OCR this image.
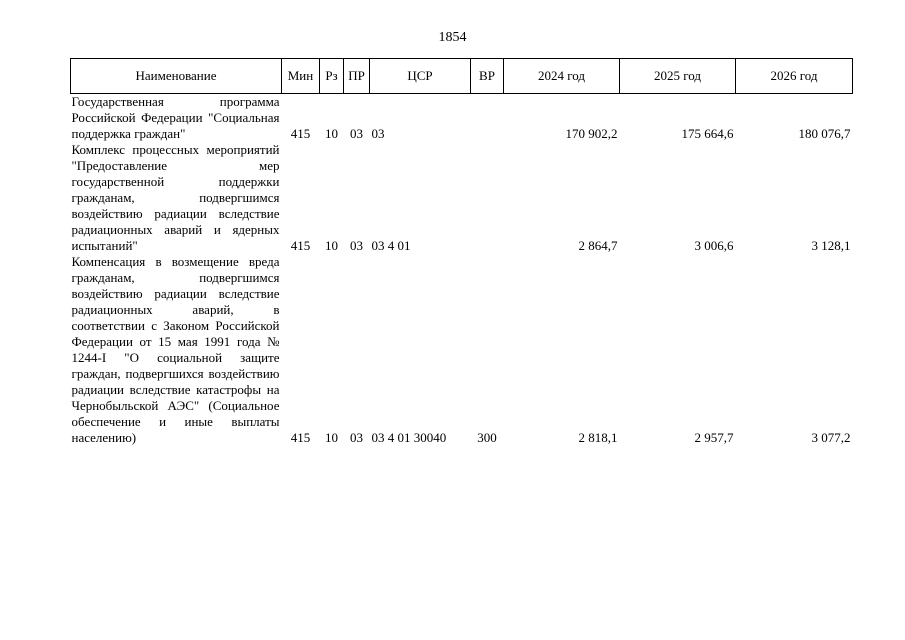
1854
Наименование	Мин	Рз	ПР	ЦСР	ВР	2024 год	2025 год	2026 год
Государственная программа Российской Федерации "Социальная поддержка граждан"	415	10	03	03		170 902,2	175 664,6	180 076,7
Комплекс процессных мероприятий "Предоставление мер государственной поддержки гражданам, подвергшимся воздействию радиации вследствие радиационных аварий и ядерных испытаний"	415	10	03	03 4 01		2 864,7	3 006,6	3 128,1
Компенсация в возмещение вреда гражданам, подвергшимся воздействию радиации вследствие радиационных аварий, в соответствии с Законом Российской Федерации от 15 мая 1991 года № 1244-I "О социальной защите граждан, подвергшихся воздействию радиации вследствие катастрофы на Чернобыльской АЭС" (Социальное обеспечение и иные выплаты населению)	415	10	03	03 4 01 30040	300	2 818,1	2 957,7	3 077,2
